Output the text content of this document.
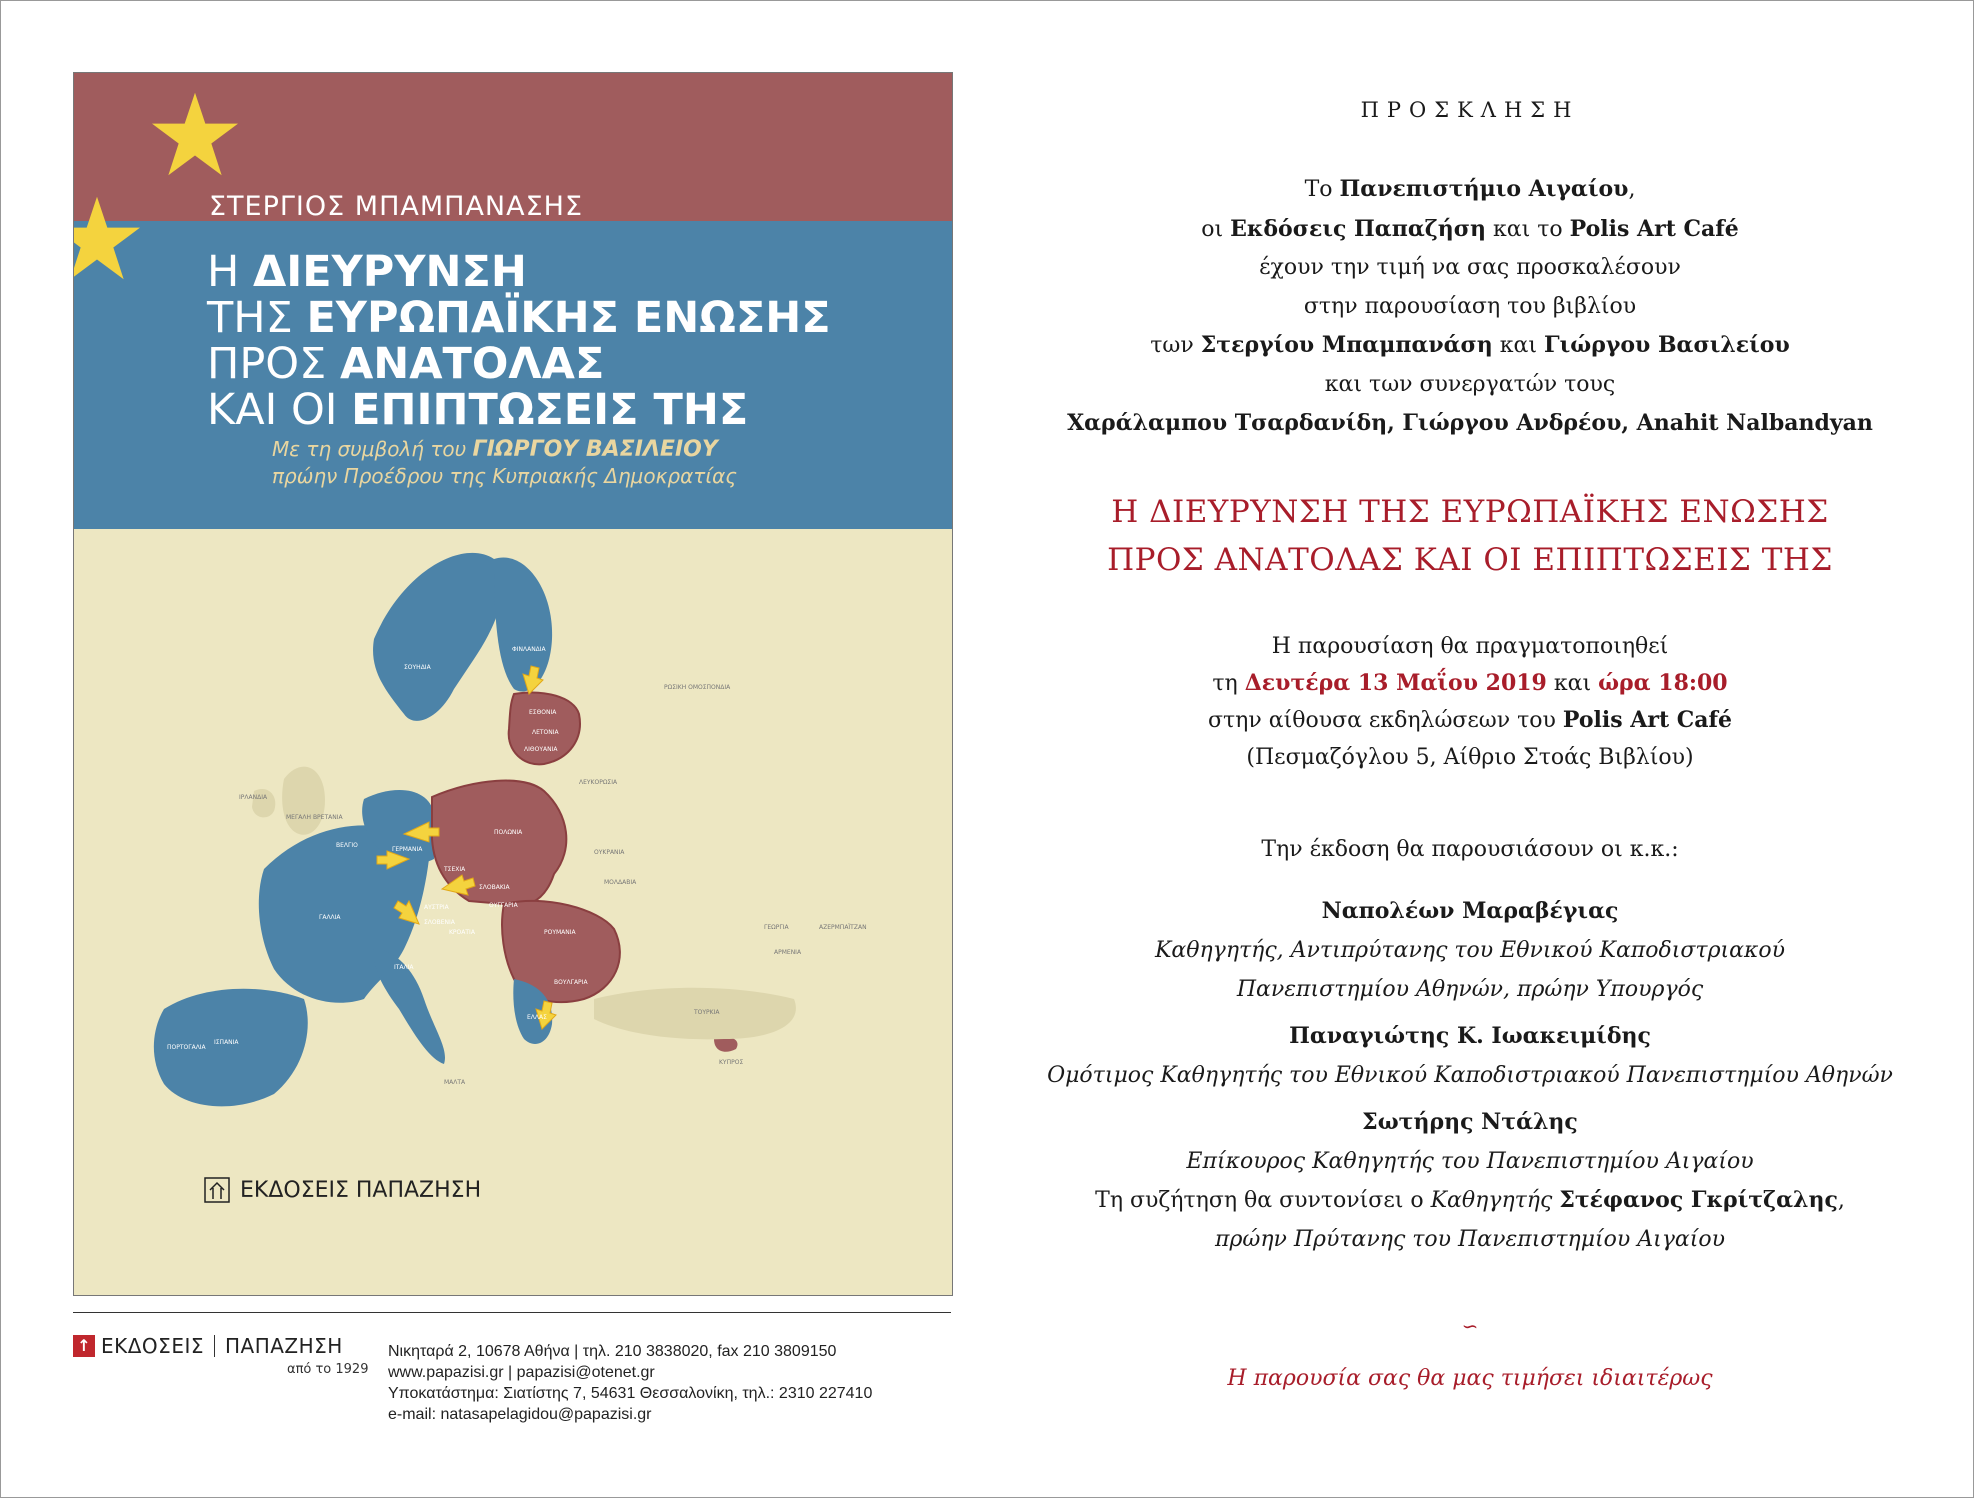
ΣΤΕΡΓΙΟΣ ΜΠΑΜΠΑΝΑΣΗΣ
Η ΔΙΕΥΡΥΝΣΗ
ΤΗΣ ΕΥΡΩΠΑΪΚΗΣ ΕΝΩΣΗΣ
ΠΡΟΣ ΑΝΑΤΟΛΑΣ
ΚΑΙ ΟΙ ΕΠΙΠΤΩΣΕΙΣ ΤΗΣ
Με τη συμβολή του ΓΙΩΡΓΟΥ ΒΑΣΙΛΕΙΟΥ
πρώην Προέδρου της Κυπριακής Δημοκρατίας
ΣΟΥΗΔΙΑ
ΦΙΝΛΑΝΔΙΑ
ΡΩΣΙΚΗ ΟΜΟΣΠΟΝΔΙΑ
ΕΣΘΟΝΙΑ
ΛΕΤΟΝΙΑ
ΛΙΘΟΥΑΝΙΑ
ΛΕΥΚΟΡΩΣΙΑ
ΙΡΛΑΝΔΙΑ
ΜΕΓΑΛΗ ΒΡΕΤΑΝΙΑ
ΠΟΛΩΝΙΑ
ΒΕΛΓΙΟ
ΓΕΡΜΑΝΙΑ
ΤΣΕΧΙΑ
ΟΥΚΡΑΝΙΑ
ΣΛΟΒΑΚΙΑ
ΑΥΣΤΡΙΑ	ΟΥΓΓΑΡΙΑ
ΜΟΛΔΑΒΙΑ
ΓΑΛΛΙΑ
ΣΛΟΒΕΝΙΑ
ΚΡΟΑΤΙΑ	ΡΟΥΜΑΝΙΑ
ΙΤΑΛΙΑ
ΒΟΥΛΓΑΡΙΑ
ΓΕΩΡΓΙΑ	ΑΖΕΡΜΠΑΪΤΖΑΝ
ΑΡΜΕΝΙΑ
ΠΟΡΤΟΓΑΛΙΑ
ΙΣΠΑΝΙΑ
ΤΟΥΡΚΙΑ
ΕΛΛΑΣ
ΜΑΛΤΑ
ΚΥΠΡΟΣ
ΕΚΔΟΣΕΙΣ ΠΑΠΑΖΗΣΗ
↑ ΕΚΔΟΣΕΙΣ ΠΑΠΑΖΗΣΗ
από το 1929
Νικηταρά 2, 10678 Αθήνα | τηλ. 210 3838020, fax 210 3809150
www.papazisi.gr | papazisi@otenet.gr
Υποκατάστημα: Σιατίστης 7, 54631 Θεσσαλονίκη, τηλ.: 2310 227410
e-mail: natasapelagidou@papazisi.gr
ΠΡΟΣΚΛΗΣΗ
Το Πανεπιστήμιο Αιγαίου,
οι Εκδόσεις Παπαζήση και το Polis Art Café
έχουν την τιμή να σας προσκαλέσουν
στην παρουσίαση του βιβλίου
των Στεργίου Μπαμπανάση και Γιώργου Βασιλείου
και των συνεργατών τους
Χαράλαμπου Τσαρδανίδη, Γιώργου Ανδρέου, Anahit Nalbandyan
Η ΔΙΕΥΡΥΝΣΗ ΤΗΣ ΕΥΡΩΠΑΪΚΗΣ ΕΝΩΣΗΣ
ΠΡΟΣ ΑΝΑΤΟΛΑΣ ΚΑΙ ΟΙ ΕΠΙΠΤΩΣΕΙΣ ΤΗΣ
Η παρουσίαση θα πραγματοποιηθεί
τη Δευτέρα 13 Μαΐου 2019 και ώρα 18:00
στην αίθουσα εκδηλώσεων του Polis Art Café
(Πεσμαζόγλου 5, Αίθριο Στοάς Βιβλίου)
Την έκδοση θα παρουσιάσουν οι κ.κ.:
Ναπολέων Μαραβέγιας
Καθηγητής, Αντιπρύτανης του Εθνικού Καποδιστριακού
Πανεπιστημίου Αθηνών, πρώην Υπουργός
Παναγιώτης Κ. Ιωακειμίδης
Ομότιμος Καθηγητής του Εθνικού Καποδιστριακού Πανεπιστημίου Αθηνών
Σωτήρης Ντάλης
Επίκουρος Καθηγητής του Πανεπιστημίου Αιγαίου
Τη συζήτηση θα συντονίσει ο Καθηγητής Στέφανος Γκρίτζαλης,
πρώην Πρύτανης του Πανεπιστημίου Αιγαίου
∽
Η παρουσία σας θα μας τιμήσει ιδιαιτέρως
